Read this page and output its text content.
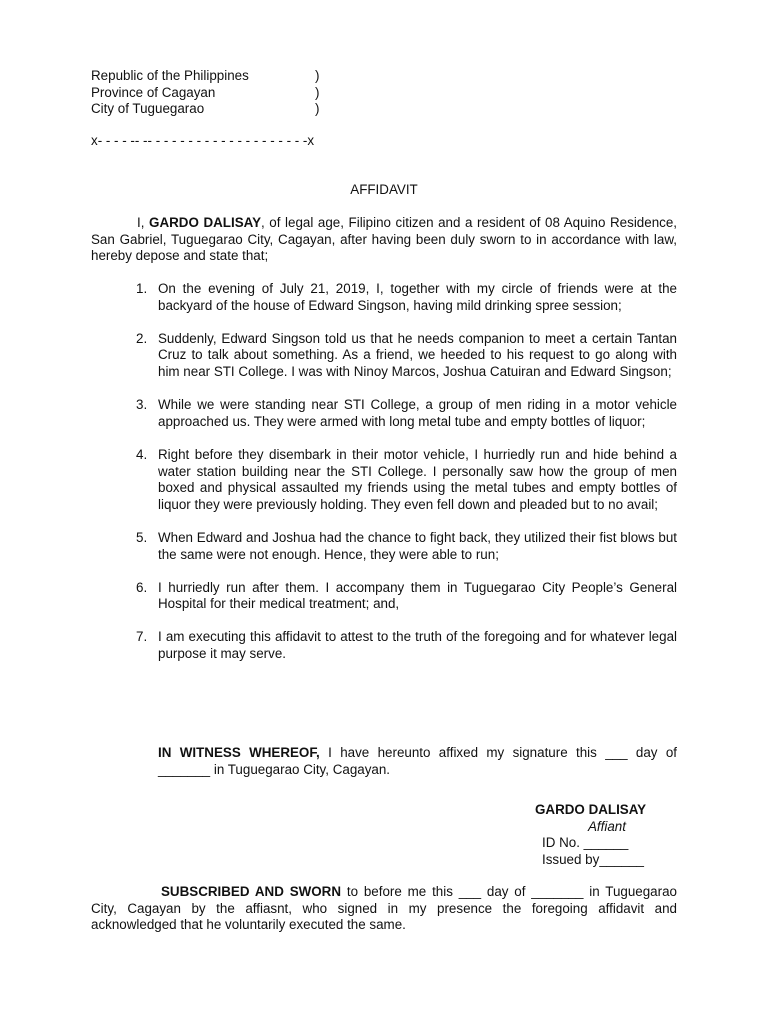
Republic of the Philippines	)
Province of Cagayan	)
City of Tuguegarao	)
x- - - - -- -- - - - - - - - - - - - - - - - - - - -x
AFFIDAVIT

I, GARDO DALISAY, of legal age, Filipino citizen and a resident of 08 Aquino Residence, San Gabriel, Tuguegarao City, Cagayan, after having been duly sworn to in accordance with law, hereby depose and state that;

1. On the evening of July 21, 2019, I, together with my circle of friends were at the backyard of the house of Edward Singson, having mild drinking spree session;
2. Suddenly, Edward Singson told us that he needs companion to meet a certain Tantan Cruz to talk about something. As a friend, we heeded to his request to go along with him near STI College. I was with Ninoy Marcos, Joshua Catuiran and Edward Singson;
3. While we were standing near STI College, a group of men riding in a motor vehicle approached us. They were armed with long metal tube and empty bottles of liquor;
4. Right before they disembark in their motor vehicle, I hurriedly run and hide behind a water station building near the STI College. I personally saw how the group of men boxed and physical assaulted my friends using the metal tubes and empty bottles of liquor they were previously holding. They even fell down and pleaded but to no avail;
5. When Edward and Joshua had the chance to fight back, they utilized their fist blows but the same were not enough. Hence, they were able to run;
6. I hurriedly run after them. I accompany them in Tuguegarao City People’s General Hospital for their medical treatment; and,
7. I am executing this affidavit to attest to the truth of the foregoing and for whatever legal purpose it may serve.

IN WITNESS WHEREOF, I have hereunto affixed my signature this ___ day of _______ in Tuguegarao City, Cagayan.

GARDO DALISAY
Affiant
ID No. ______
Issued by______

SUBSCRIBED AND SWORN to before me this ___ day of _______ in Tuguegarao City, Cagayan by the affiasnt, who signed in my presence the foregoing affidavit and acknowledged that he voluntarily executed the same.
